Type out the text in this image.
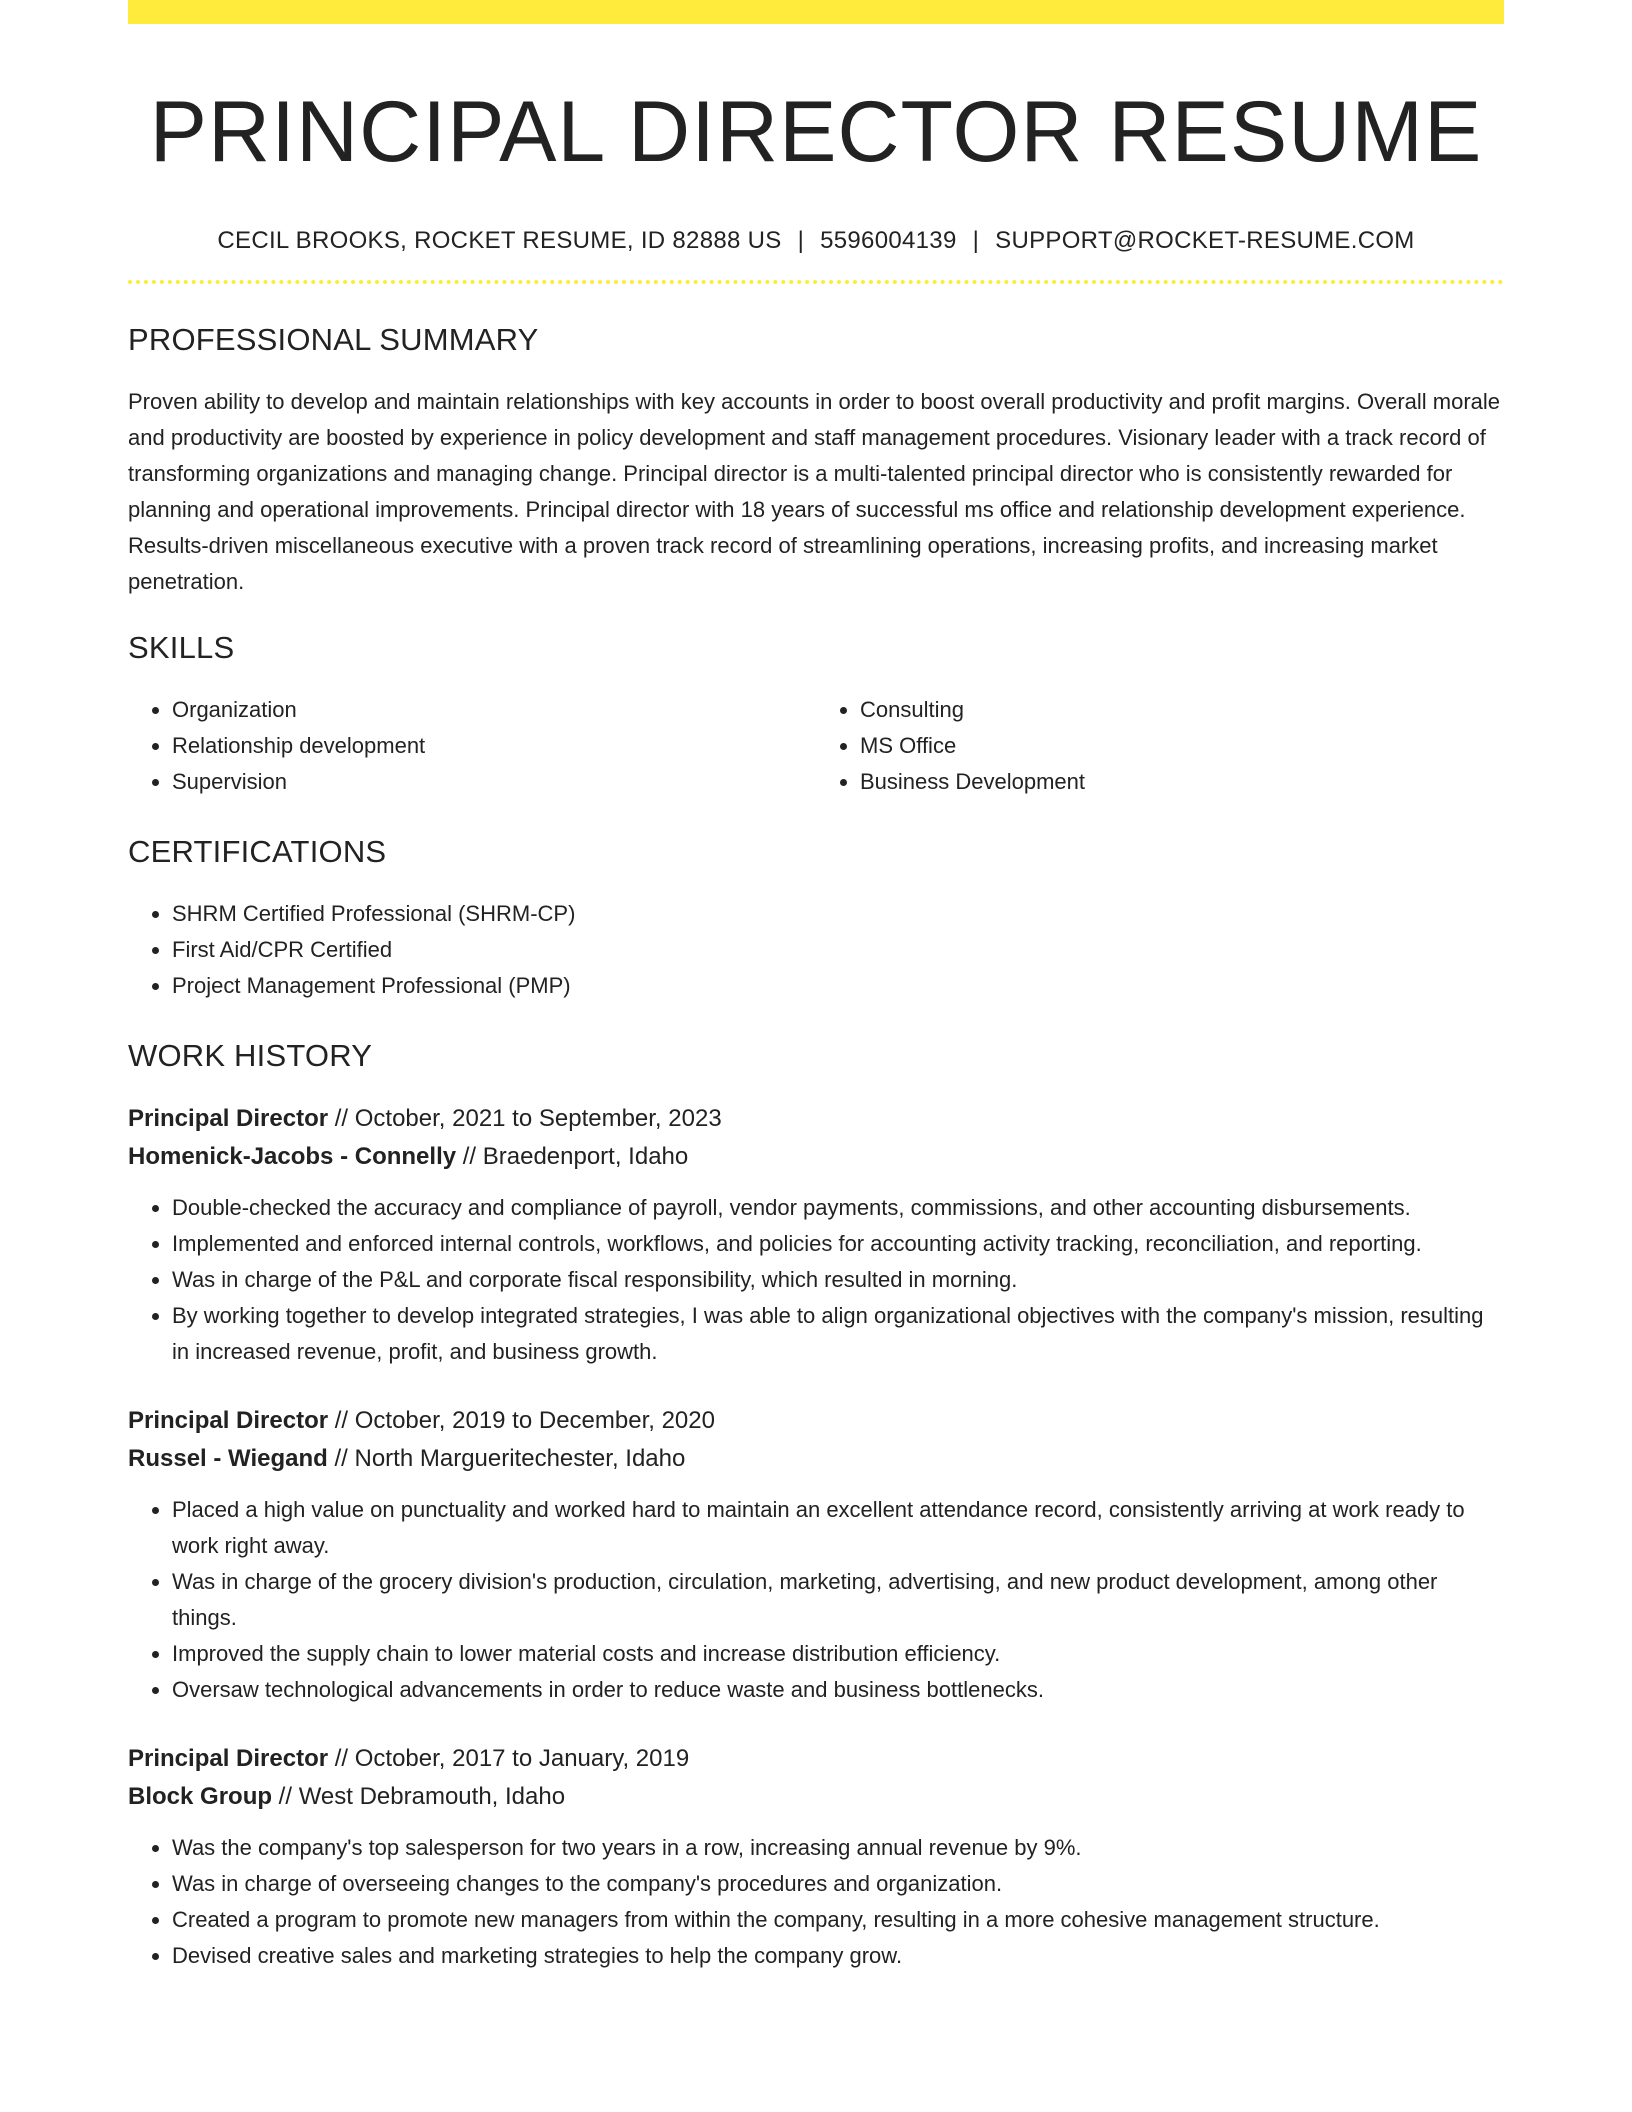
PRINCIPAL DIRECTOR RESUME
CECIL BROOKS, ROCKET RESUME, ID 82888 US | 5596004139 | SUPPORT@ROCKET-RESUME.COM
PROFESSIONAL SUMMARY

Proven ability to develop and maintain relationships with key accounts in order to boost overall productivity and profit margins. Overall morale and productivity are boosted by experience in policy development and staff management procedures. Visionary leader with a track record of transforming organizations and managing change. Principal director is a multi-talented principal director who is consistently rewarded for planning and operational improvements. Principal director with 18 years of successful ms office and relationship development experience. Results-driven miscellaneous executive with a proven track record of streamlining operations, increasing profits, and increasing market penetration.

SKILLS
• Organization
• Relationship development
• Supervision
• Consulting
• MS Office
• Business Development
CERTIFICATIONS
• SHRM Certified Professional (SHRM-CP)
• First Aid/CPR Certified
• Project Management Professional (PMP)
WORK HISTORY
Principal Director // October, 2021 to September, 2023
Homenick-Jacobs - Connelly // Braedenport, Idaho
• Double-checked the accuracy and compliance of payroll, vendor payments, commissions, and other accounting disbursements.
• Implemented and enforced internal controls, workflows, and policies for accounting activity tracking, reconciliation, and reporting.
• Was in charge of the P&L and corporate fiscal responsibility, which resulted in morning.
• By working together to develop integrated strategies, I was able to align organizational objectives with the company's mission, resulting in increased revenue, profit, and business growth.
Principal Director // October, 2019 to December, 2020
Russel - Wiegand // North Margueritechester, Idaho
• Placed a high value on punctuality and worked hard to maintain an excellent attendance record, consistently arriving at work ready to work right away.
• Was in charge of the grocery division's production, circulation, marketing, advertising, and new product development, among other things.
• Improved the supply chain to lower material costs and increase distribution efficiency.
• Oversaw technological advancements in order to reduce waste and business bottlenecks.
Principal Director // October, 2017 to January, 2019
Block Group // West Debramouth, Idaho
• Was the company's top salesperson for two years in a row, increasing annual revenue by 9%.
• Was in charge of overseeing changes to the company's procedures and organization.
• Created a program to promote new managers from within the company, resulting in a more cohesive management structure.
• Devised creative sales and marketing strategies to help the company grow.
